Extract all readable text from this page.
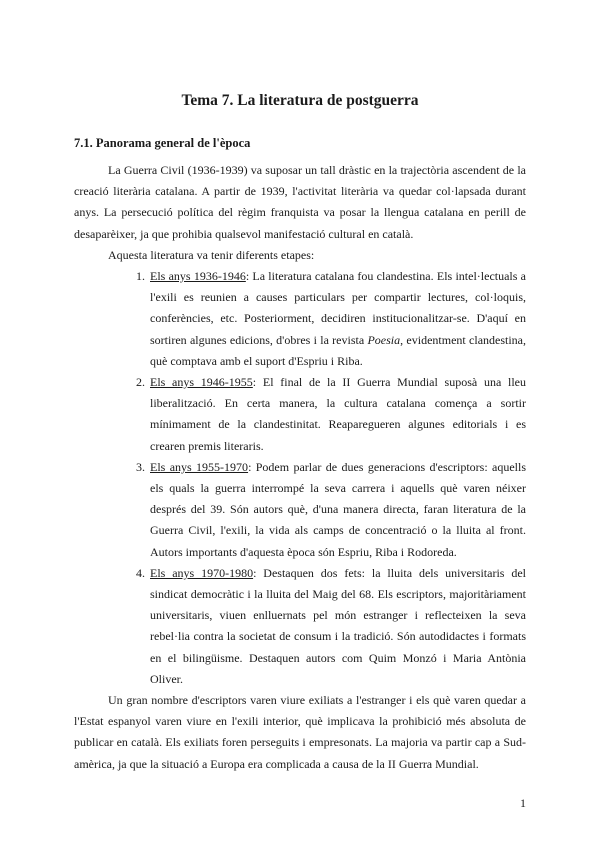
Tema 7. La literatura de postguerra
7.1. Panorama general de l'època

La Guerra Civil (1936-1939) va suposar un tall dràstic en la trajectòria ascendent de la creació literària catalana. A partir de 1939, l'activitat literària va quedar col·lapsada durant anys. La persecució política del règim franquista va posar la llengua catalana en perill de desaparèixer, ja que prohibia qualsevol manifestació cultural en català.

Aquesta literatura va tenir diferents etapes:

1. Els anys 1936-1946: La literatura catalana fou clandestina. Els intel·lectuals a l'exili es reunien a causes particulars per compartir lectures, col·loquis, conferències, etc. Posteriorment, decidiren institucionalitzar-se. D'aquí en sortiren algunes edicions, d'obres i la revista Poesia, evidentment clandestina, què comptava amb el suport d'Espriu i Riba.
2. Els anys 1946-1955: El final de la II Guerra Mundial suposà una lleu liberalització. En certa manera, la cultura catalana comença a sortir mínimament de la clandestinitat. Reaparegueren algunes editorials i es crearen premis literaris.
3. Els anys 1955-1970: Podem parlar de dues generacions d'escriptors: aquells els quals la guerra interrompé la seva carrera i aquells què varen néixer després del 39. Són autors què, d'una manera directa, faran literatura de la Guerra Civil, l'exili, la vida als camps de concentració o la lluita al front. Autors importants d'aquesta època són Espriu, Riba i Rodoreda.
4. Els anys 1970-1980: Destaquen dos fets: la lluita dels universitaris del sindicat democràtic i la lluita del Maig del 68. Els escriptors, majoritàriament universitaris, viuen enlluernats pel món estranger i reflecteixen la seva rebel·lia contra la societat de consum i la tradició. Són autodidactes i formats en el bilingüisme. Destaquen autors com Quim Monzó i Maria Antònia Oliver.

Un gran nombre d'escriptors varen viure exiliats a l'estranger i els què varen quedar a l'Estat espanyol varen viure en l'exili interior, què implicava la prohibició més absoluta de publicar en català. Els exiliats foren perseguits i empresonats. La majoria va partir cap a Sud-amèrica, ja que la situació a Europa era complicada a causa de la II Guerra Mundial.

1
